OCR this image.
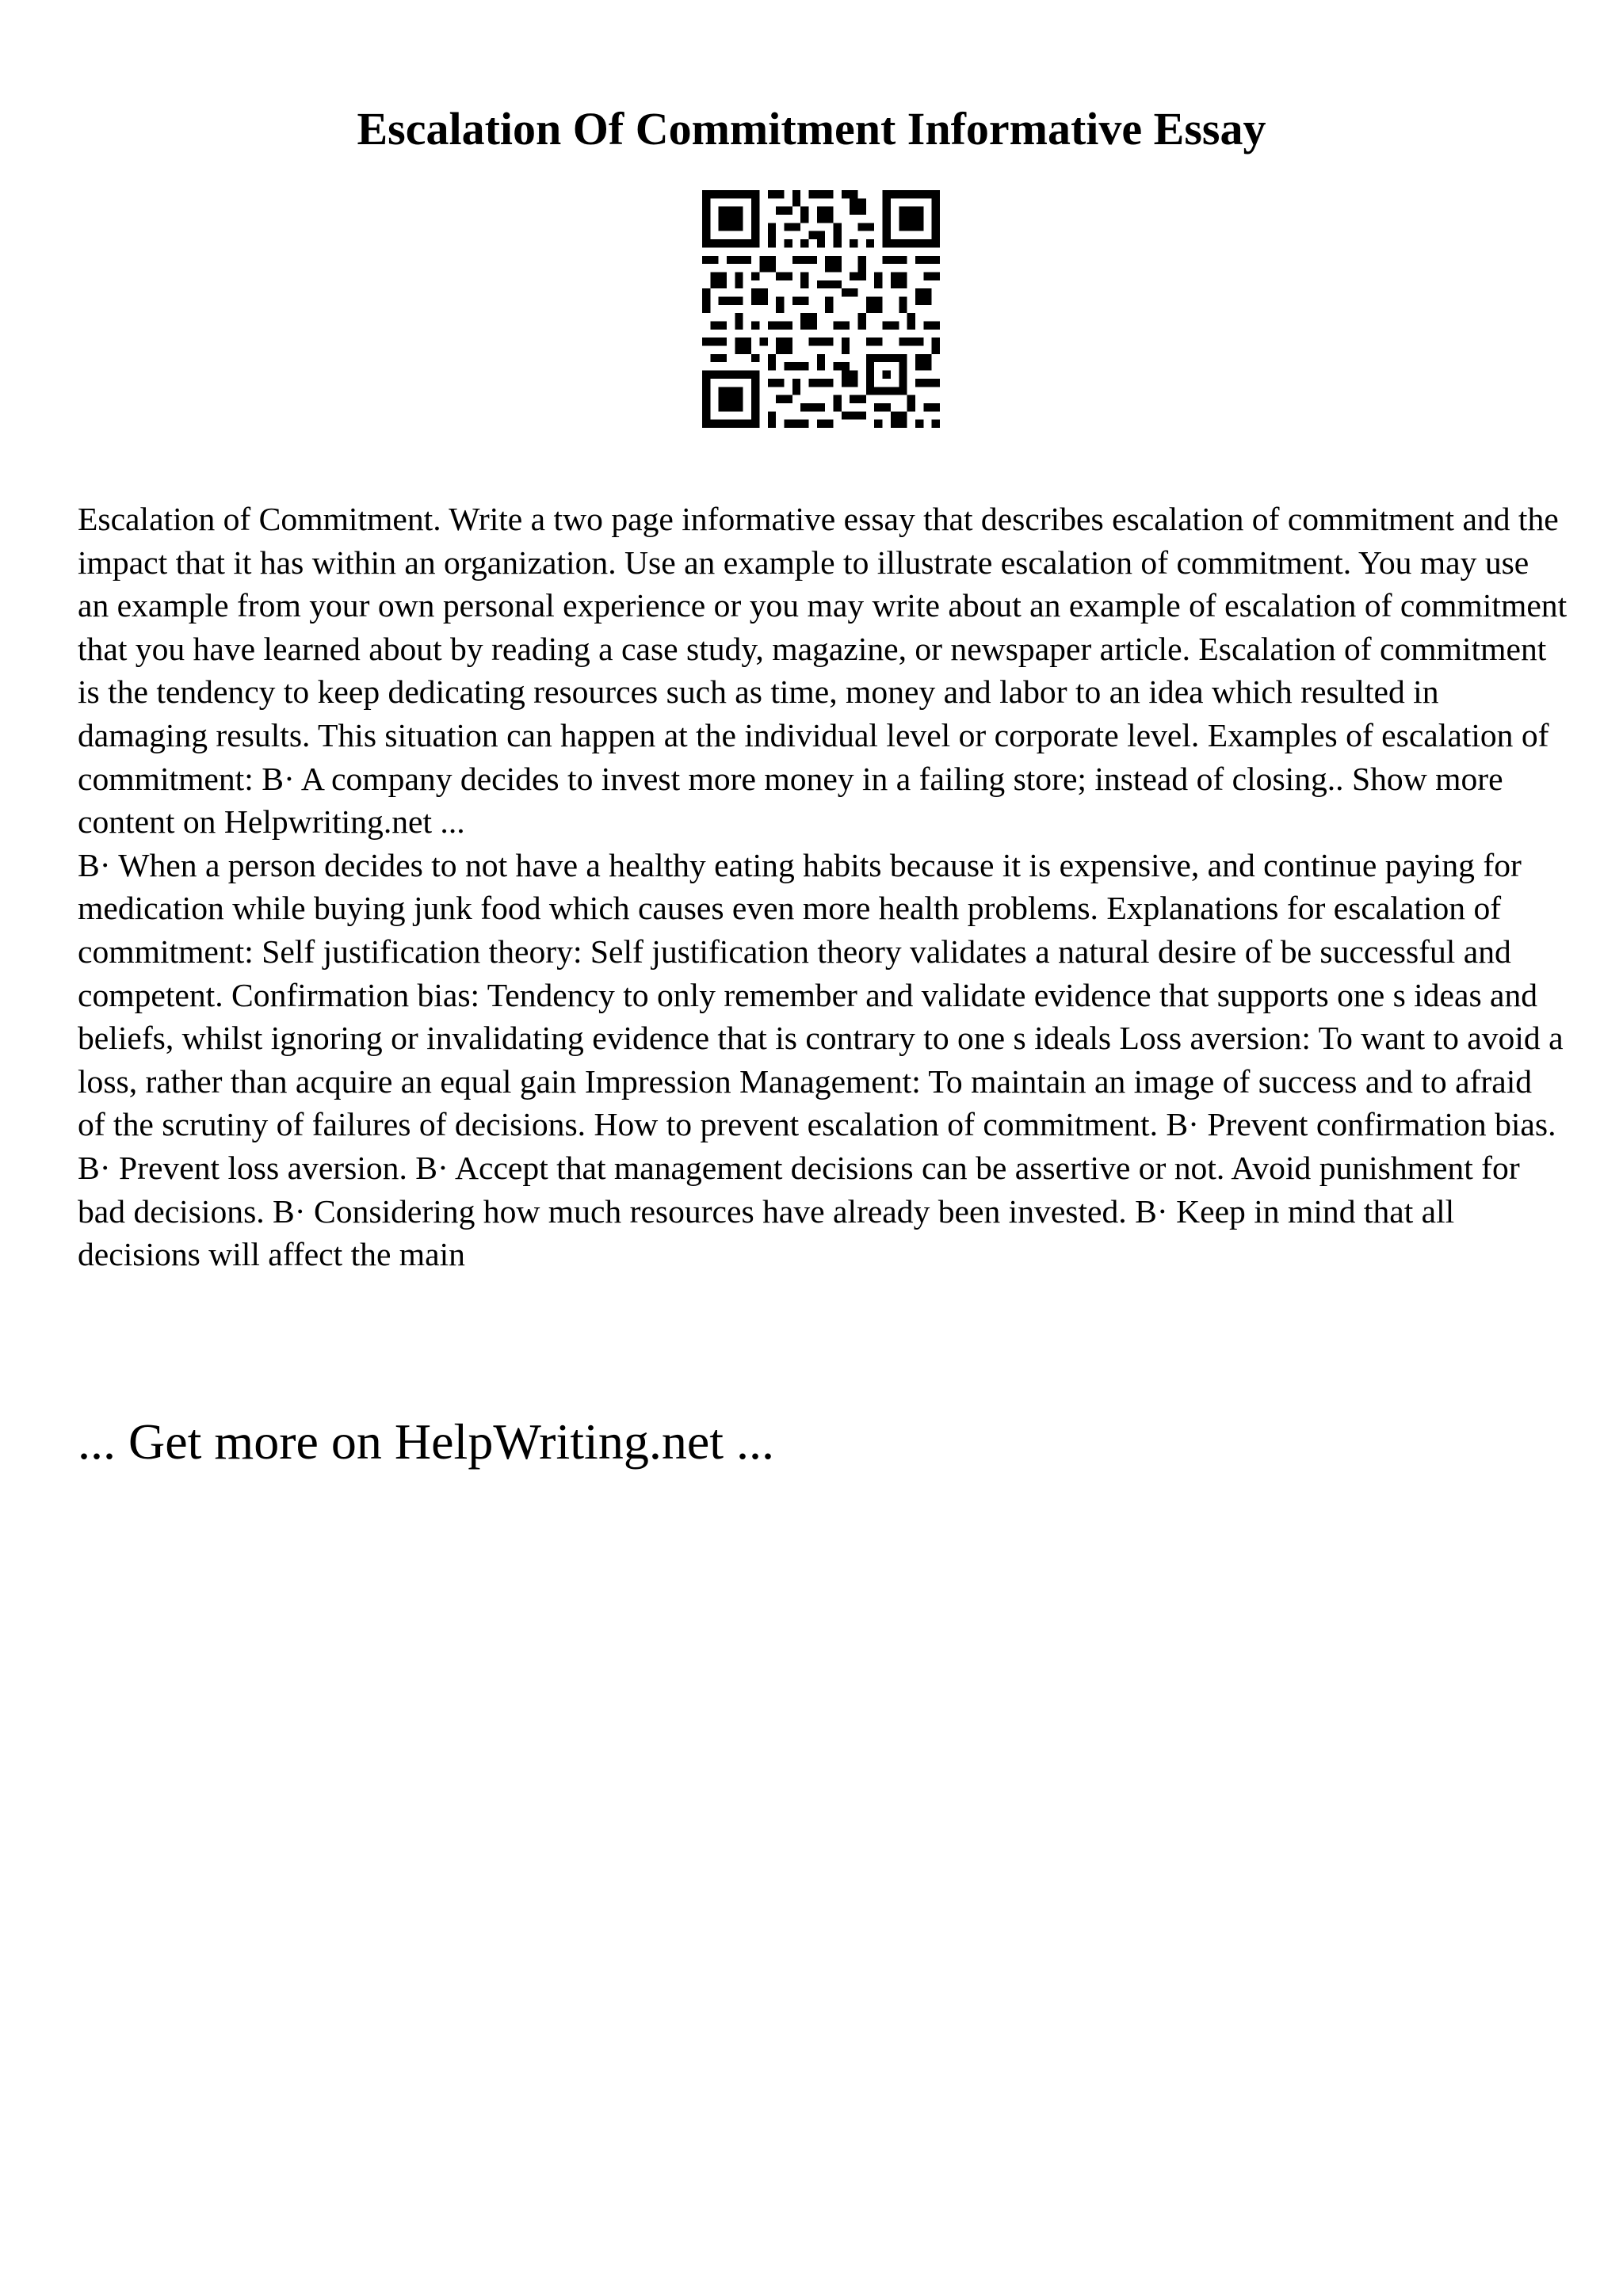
Escalation Of Commitment Informative Essay

Escalation of Commitment. Write a two page informative essay that describes escalation of commitment and the impact that it has within an organization. Use an example to illustrate escalation of commitment. You may use an example from your own personal experience or you may write about an example of escalation of commitment that you have learned about by reading a case study, magazine, or newspaper article. Escalation of commitment is the tendency to keep dedicating resources such as time, money and labor to an idea which resulted in damaging results. This situation can happen at the individual level or corporate level. Examples of escalation of commitment: B· A company decides to invest more money in a failing store; instead of closing.. Show more content on Helpwriting.net ...

B· When a person decides to not have a healthy eating habits because it is expensive, and continue paying for medication while buying junk food which causes even more health problems. Explanations for escalation of commitment: Self justification theory: Self justification theory validates a natural desire of be successful and competent. Confirmation bias: Tendency to only remember and validate evidence that supports one s ideas and beliefs, whilst ignoring or invalidating evidence that is contrary to one s ideals Loss aversion: To want to avoid a loss, rather than acquire an equal gain Impression Management: To maintain an image of success and to afraid of the scrutiny of failures of decisions. How to prevent escalation of commitment. B· Prevent confirmation bias. B· Prevent loss aversion. B· Accept that management decisions can be assertive or not. Avoid punishment for bad decisions. B· Considering how much resources have already been invested. B· Keep in mind that all decisions will affect the main

... Get more on HelpWriting.net ...
